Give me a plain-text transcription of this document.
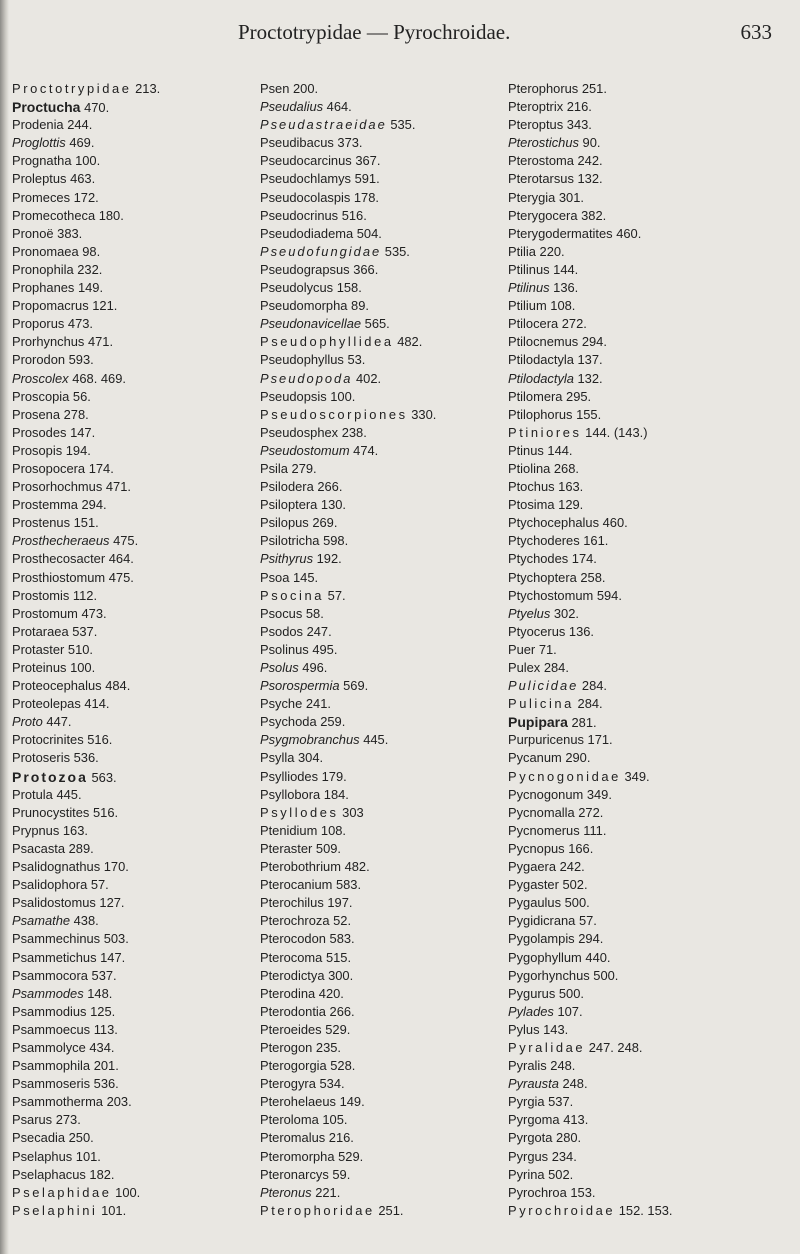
Proctotrypidae — Pyrochroidae.	633
Proctotrypidae 213.
Proctucha 470.
Prodenia 244.
Proglottis 469.
Prognatha 100.
Proleptus 463.
Promeces 172.
Promecotheca 180.
Pronoë 383.
Pronomaea 98.
Pronophila 232.
Prophanes 149.
Propomacrus 121.
Proporus 473.
Prorhynchus 471.
Prorodon 593.
Proscolex 468. 469.
Proscopia 56.
Prosena 278.
Prosodes 147.
Prosopis 194.
Prosopocera 174.
Prosorhochmus 471.
Prostemma 294.
Prostenus 151.
Prosthecheraeus 475.
Prosthecosacter 464.
Prosthiostomum 475.
Prostomis 112.
Prostomum 473.
Protaraea 537.
Protaster 510.
Proteinus 100.
Proteocephalus 484.
Proteolepas 414.
Proto 447.
Protocrinites 516.
Protoseris 536.
Protozoa 563.
Protula 445.
Prunocystites 516.
Prypnus 163.
Psacasta 289.
Psalidognathus 170.
Psalidophora 57.
Psalidostomus 127.
Psamathe 438.
Psammechinus 503.
Psammetichus 147.
Psammocora 537.
Psammodes 148.
Psammodius 125.
Psammoecus 113.
Psammolyce 434.
Psammophila 201.
Psammoseris 536.
Psammotherma 203.
Psarus 273.
Psecadia 250.
Pselaphus 101.
Pselaphacus 182.
Pselaphidae 100.
Pselaphini 101.
Psen 200.
Pseudalius 464.
Pseudastraeidae 535.
Pseudibacus 373.
Pseudocarcinus 367.
Pseudochlamys 591.
Pseudocolaspis 178.
Pseudocrinus 516.
Pseudodiadema 504.
Pseudofungidae 535.
Pseudograpsus 366.
Pseudolycus 158.
Pseudomorpha 89.
Pseudonavicellae 565.
Pseudophyllidea 482.
Pseudophyllus 53.
Pseudopoda 402.
Pseudopsis 100.
Pseudoscorpiones 330.
Pseudosphex 238.
Pseudostomum 474.
Psila 279.
Psilodera 266.
Psiloptera 130.
Psilopus 269.
Psilotricha 598.
Psithyrus 192.
Psoa 145.
Psocina 57.
Psocus 58.
Psodos 247.
Psolinus 495.
Psolus 496.
Psorospermia 569.
Psyche 241.
Psychoda 259.
Psygmobranchus 445.
Psylla 304.
Psylliodes 179.
Psyllobora 184.
Psyllodes 303
Ptenidium 108.
Pteraster 509.
Pterobothrium 482.
Pterocanium 583.
Pterochilus 197.
Pterochroza 52.
Pterocodon 583.
Pterocoma 515.
Pterodictya 300.
Pterodina 420.
Pterodontia 266.
Pteroeides 529.
Pterogon 235.
Pterogorgia 528.
Pterogyra 534.
Pterohelaeus 149.
Pteroloma 105.
Pteromalus 216.
Pteromorpha 529.
Pteronarcys 59.
Pteronus 221.
Pterophoridae 251.
Pterophorus 251.
Pteroptrix 216.
Pteroptus 343.
Pterostichus 90.
Pterostoma 242.
Pterotarsus 132.
Pterygia 301.
Pterygocera 382.
Pterygodermatites 460.
Ptilia 220.
Ptilinus 144.
Ptilinus 136.
Ptilium 108.
Ptilocera 272.
Ptilocnemus 294.
Ptilodactyla 137.
Ptilodactyla 132.
Ptilomera 295.
Ptilophorus 155.
Ptiniores 144. (143.)
Ptinus 144.
Ptiolina 268.
Ptochus 163.
Ptosima 129.
Ptychocephalus 460.
Ptychoderes 161.
Ptychodes 174.
Ptychoptera 258.
Ptychostomum 594.
Ptyelus 302.
Ptyocerus 136.
Puer 71.
Pulex 284.
Pulicidae 284.
Pulicina 284.
Pupipara 281.
Purpuricenus 171.
Pycanum 290.
Pycnogonidae 349.
Pycnogonum 349.
Pycnomalla 272.
Pycnomerus 111.
Pycnopus 166.
Pygaera 242.
Pygaster 502.
Pygaulus 500.
Pygidicrana 57.
Pygolampis 294.
Pygophyllum 440.
Pygorhynchus 500.
Pygurus 500.
Pylades 107.
Pylus 143.
Pyralidae 247. 248.
Pyralis 248.
Pyrausta 248.
Pyrgia 537.
Pyrgoma 413.
Pyrgota 280.
Pyrgus 234.
Pyrina 502.
Pyrochroa 153.
Pyrochroidae 152. 153.
